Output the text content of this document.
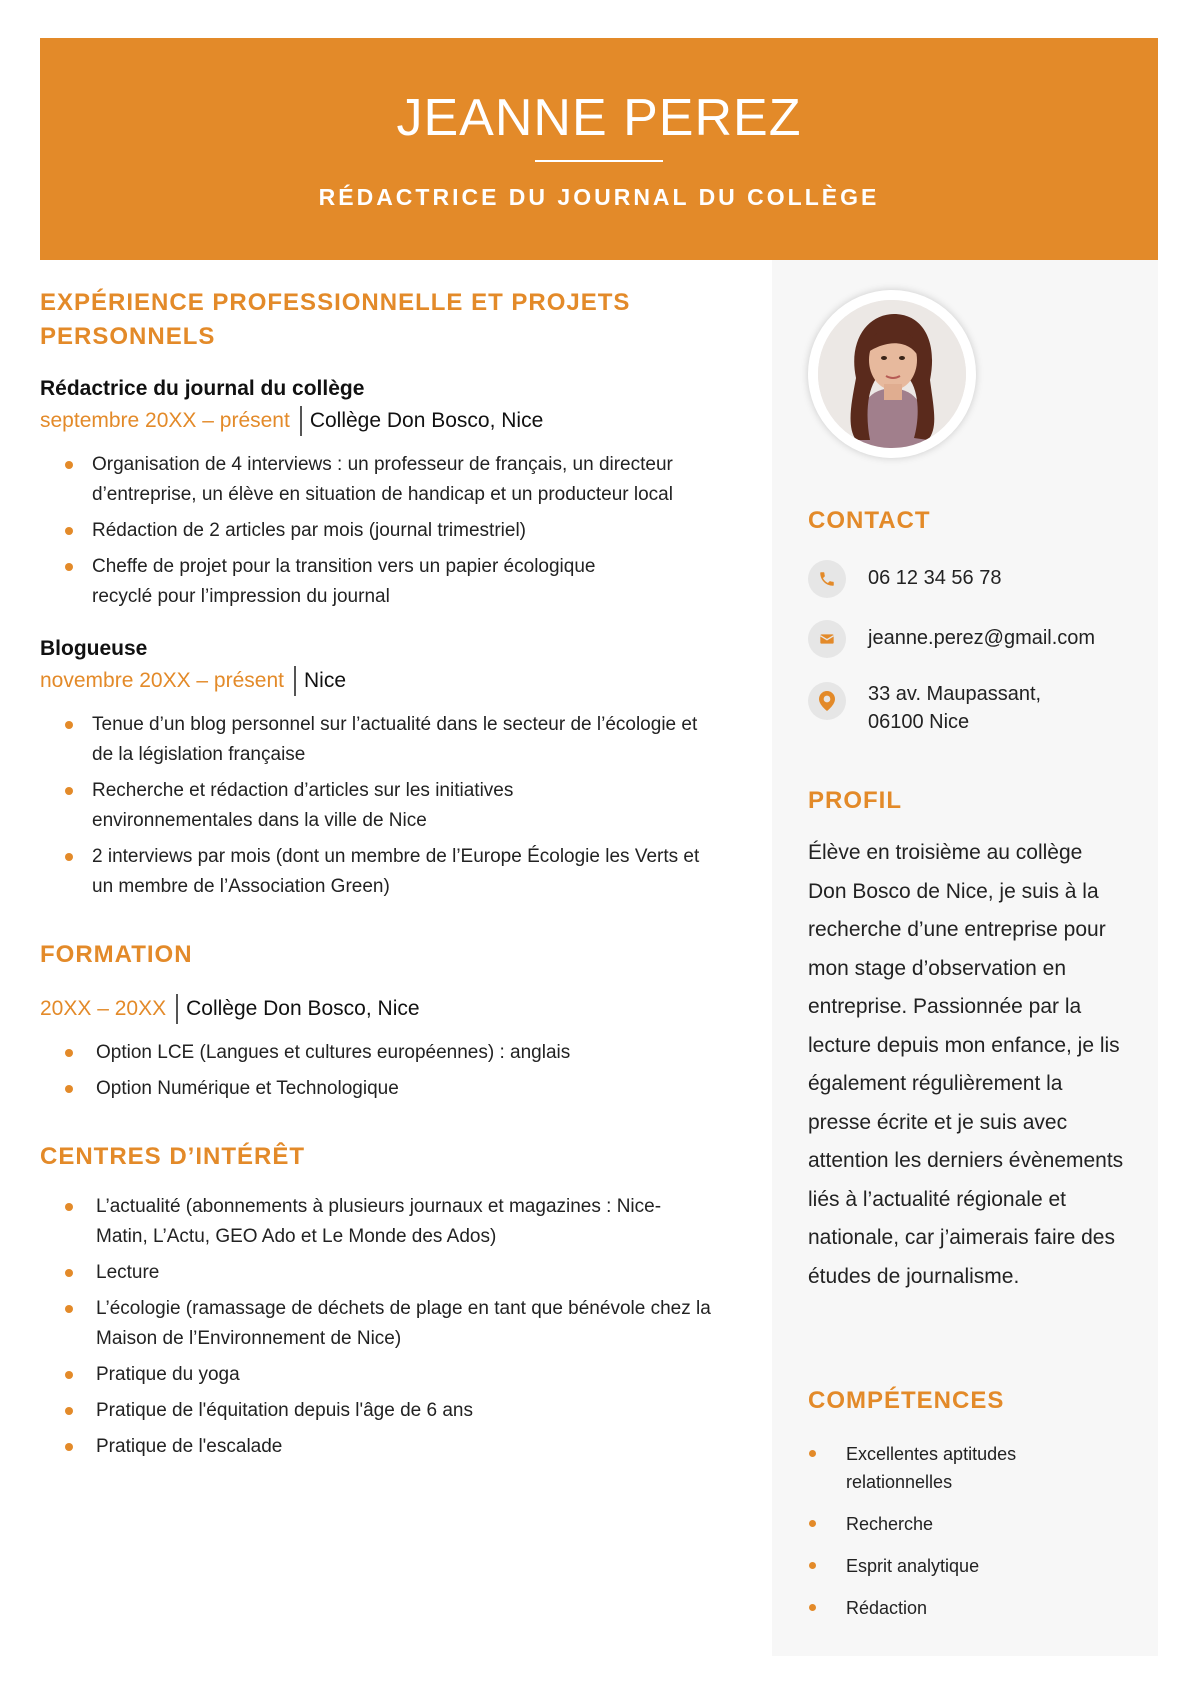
JEANNE PEREZ
RÉDACTRICE DU JOURNAL DU COLLÈGE
EXPÉRIENCE PROFESSIONNELLE ET PROJETS PERSONNELS
Rédactrice du journal du collège
septembre 20XX – présent Collège Don Bosco, Nice
Organisation de 4 interviews : un professeur de français, un directeur d’entreprise, un élève en situation de handicap et un producteur local
Rédaction de 2 articles par mois (journal trimestriel)
Cheffe de projet pour la transition vers un papier écologique recyclé pour l’impression du journal
Blogueuse
novembre 20XX – présent Nice
Tenue d’un blog personnel sur l’actualité dans le secteur de l’écologie et de la législation française
Recherche et rédaction d’articles sur les initiatives environnementales dans la ville de Nice
2 interviews par mois (dont un membre de l’Europe Écologie les Verts et un membre de l’Association Green)
FORMATION
20XX – 20XX Collège Don Bosco, Nice
Option LCE (Langues et cultures européennes) : anglais
Option Numérique et Technologique
CENTRES D’INTÉRÊT
L’actualité (abonnements à plusieurs journaux et magazines : Nice-Matin, L’Actu, GEO Ado et Le Monde des Ados)
Lecture
L’écologie (ramassage de déchets de plage en tant que bénévole chez la Maison de l’Environnement de Nice)
Pratique du yoga
Pratique de l'équitation depuis l'âge de 6 ans
Pratique de l'escalade
CONTACT
06 12 34 56 78
jeanne.perez@gmail.com
33 av. Maupassant,
06100 Nice
PROFIL
Élève en troisième au collège Don Bosco de Nice, je suis à la recherche d’une entreprise pour mon stage d’observation en entreprise. Passionnée par la lecture depuis mon enfance, je lis également régulièrement la presse écrite et je suis avec attention les derniers évènements liés à l’actualité régionale et nationale, car j’aimerais faire des études de journalisme.
COMPÉTENCES
Excellentes aptitudes relationnelles
Recherche
Esprit analytique
Rédaction
